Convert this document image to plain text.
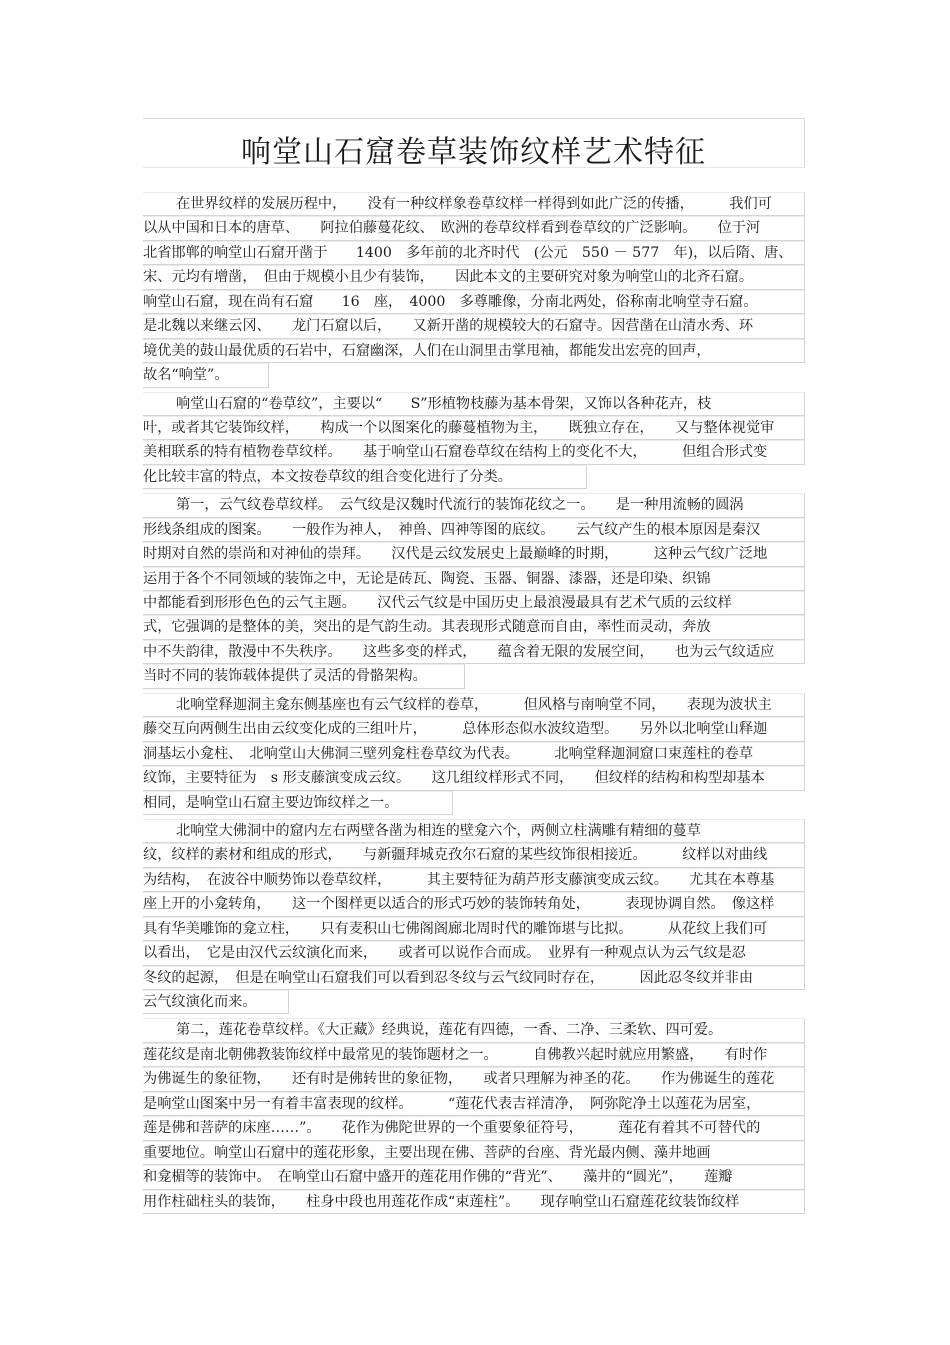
响堂山石窟卷草装饰纹样艺术特征
在世界纹样的发展历程中，　　没有一种纹样象卷草纹样一样得到如此广泛的传播，　　　我们可
以从中国和日本的唐草、　　阿拉伯藤蔓花纹、　欧洲的卷草纹样看到卷草纹的广泛影响。　　位于河
北省邯郸的响堂山石窟开凿于　　1400　多年前的北齐时代　(公元　550 － 577　年)，以后隋、唐、
宋、元均有增凿，　但由于规模小且少有装饰，　　因此本文的主要研究对象为响堂山的北齐石窟。
响堂山石窟，现在尚有石窟　　16　座，　4000　多尊雕像，分南北两处，俗称南北响堂寺石窟。
是北魏以来继云冈、　　龙门石窟以后，　　又新开凿的规模较大的石窟寺。因营凿在山清水秀、环
境优美的鼓山最优质的石岩中，石窟幽深，人们在山洞里击掌甩袖，都能发出宏亮的回声，
故名“响堂”。
响堂山石窟的“卷草纹”，主要以“　　S”形植物枝藤为基本骨架，又饰以各种花卉，枝
叶，或者其它装饰纹样，　　构成一个以图案化的藤蔓植物为主，　　既独立存在，　　又与整体视觉审
美相联系的特有植物卷草纹样。　　基于响堂山石窟卷草纹在结构上的变化不大，　　　但组合形式变
化比较丰富的特点，本文按卷草纹的组合变化进行了分类。
第一，云气纹卷草纹样。　云气纹是汉魏时代流行的装饰花纹之一。　　是一种用流畅的圆涡
形线条组成的图案。　　一般作为神人，　神兽、四神等图的底纹。　　云气纹产生的根本原因是秦汉
时期对自然的崇尚和对神仙的崇拜。　　汉代是云纹发展史上最巅峰的时期，　　　这种云气纹广泛地
运用于各个不同领域的装饰之中，无论是砖瓦、陶瓷、玉器、铜器、漆器，还是印染、织锦
中都能看到形形色色的云气主题。　　汉代云气纹是中国历史上最浪漫最具有艺术气质的云纹样
式，它强调的是整体的美，突出的是气韵生动。其表现形式随意而自由，率性而灵动，奔放
中不失韵律，散漫中不失秩序。　　这些多变的样式，　　蕴含着无限的发展空间，　　也为云气纹适应
当时不同的装饰载体提供了灵活的骨骼架构。
北响堂释迦洞主龛东侧基座也有云气纹样的卷草，　　　但风格与南响堂不同，　　表现为波状主
藤交互向两侧生出由云纹变化成的三组叶片，　　　总体形态似水波纹造型。　　另外以北响堂山释迦
洞基坛小龛柱、　北响堂山大佛洞三壁列龛柱卷草纹为代表。　　　北响堂释迦洞窟口束莲柱的卷草
纹饰，主要特征为　s 形支藤演变成云纹。　　这几组纹样形式不同，　　但纹样的结构和构型却基本
相同，是响堂山石窟主要边饰纹样之一。
北响堂大佛洞中的窟内左右两壁各凿为相连的壁龛六个，两侧立柱满雕有精细的蔓草
纹，纹样的素材和组成的形式，　　与新疆拜城克孜尔石窟的某些纹饰很相接近。　　　纹样以对曲线
为结构，　在波谷中顺势饰以卷草纹样，　　　其主要特征为葫芦形支藤演变成云纹。　　尤其在本尊基
座上开的小龛转角，　　这一个图样更以适合的形式巧妙的装饰转角处，　　　表现协调自然。　像这样
具有华美雕饰的龛立柱，　　只有麦积山七佛阁阁廊北周时代的雕饰堪与比拟。　　　从花纹上我们可
以看出，　它是由汉代云纹演化而来，　　或者可以说作合而成。　业界有一种观点认为云气纹是忍
冬纹的起源，　但是在响堂山石窟我们可以看到忍冬纹与云气纹同时存在，　　　因此忍冬纹并非由
云气纹演化而来。
第二，莲花卷草纹样。《大正藏》经典说，莲花有四德，一香、二净、三柔软、四可爱。
莲花纹是南北朝佛教装饰纹样中最常见的装饰题材之一。　　　自佛教兴起时就应用繁盛，　　有时作
为佛诞生的象征物，　　还有时是佛转世的象征物，　　或者只理解为神圣的花。　　作为佛诞生的莲花
是响堂山图案中另一有着丰富表现的纹样。　　　“莲花代表吉祥清净，　阿弥陀净土以莲花为居室，
莲是佛和菩萨的床座……”。　　花作为佛陀世界的一个重要象征符号，　　　莲花有着其不可替代的
重要地位。响堂山石窟中的莲花形象，主要出现在佛、菩萨的台座、背光最内侧、藻井地画
和龛楣等的装饰中。　在响堂山石窟中盛开的莲花用作佛的“背光”、　　藻井的“圆光”，　　莲瓣
用作柱础柱头的装饰，　　柱身中段也用莲花作成“束莲柱”。　　现存响堂山石窟莲花纹装饰纹样
